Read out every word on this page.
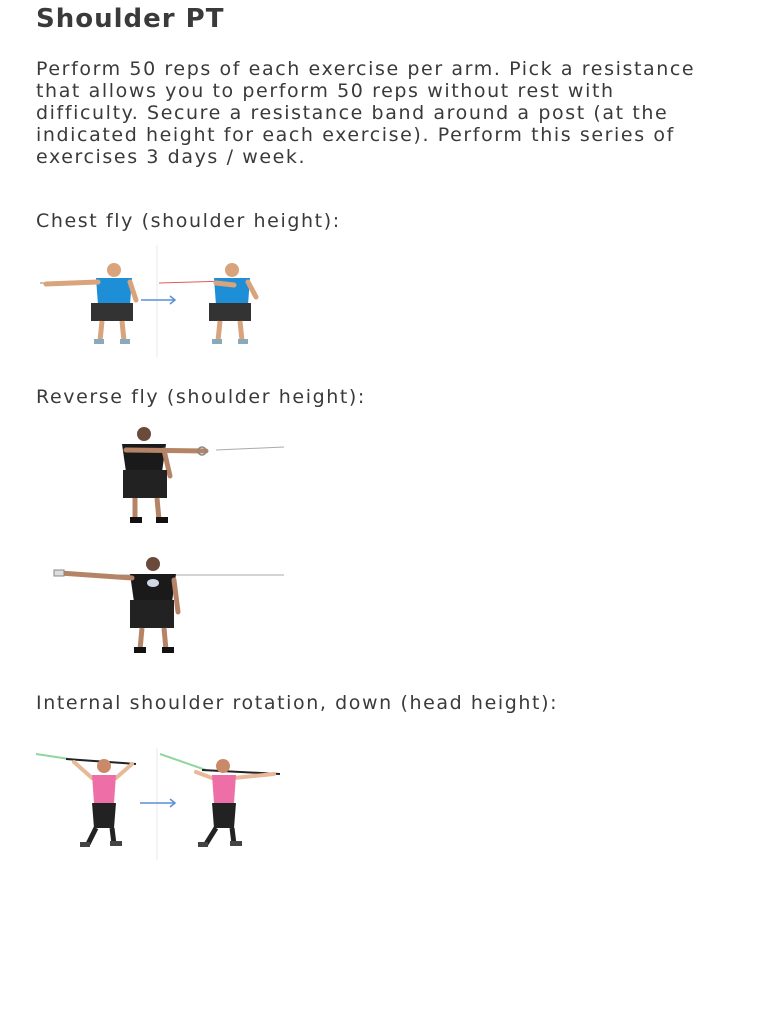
Shoulder PT

Perform 50 reps of each exercise per arm. Pick a resistance that allows you to perform 50 reps without rest with difficulty. Secure a resistance band around a post (at the indicated height for each exercise). Perform this series of exercises 3 days / week.

Chest fly (shoulder height):

Reverse fly (shoulder height):

Internal shoulder rotation, down (head height):
